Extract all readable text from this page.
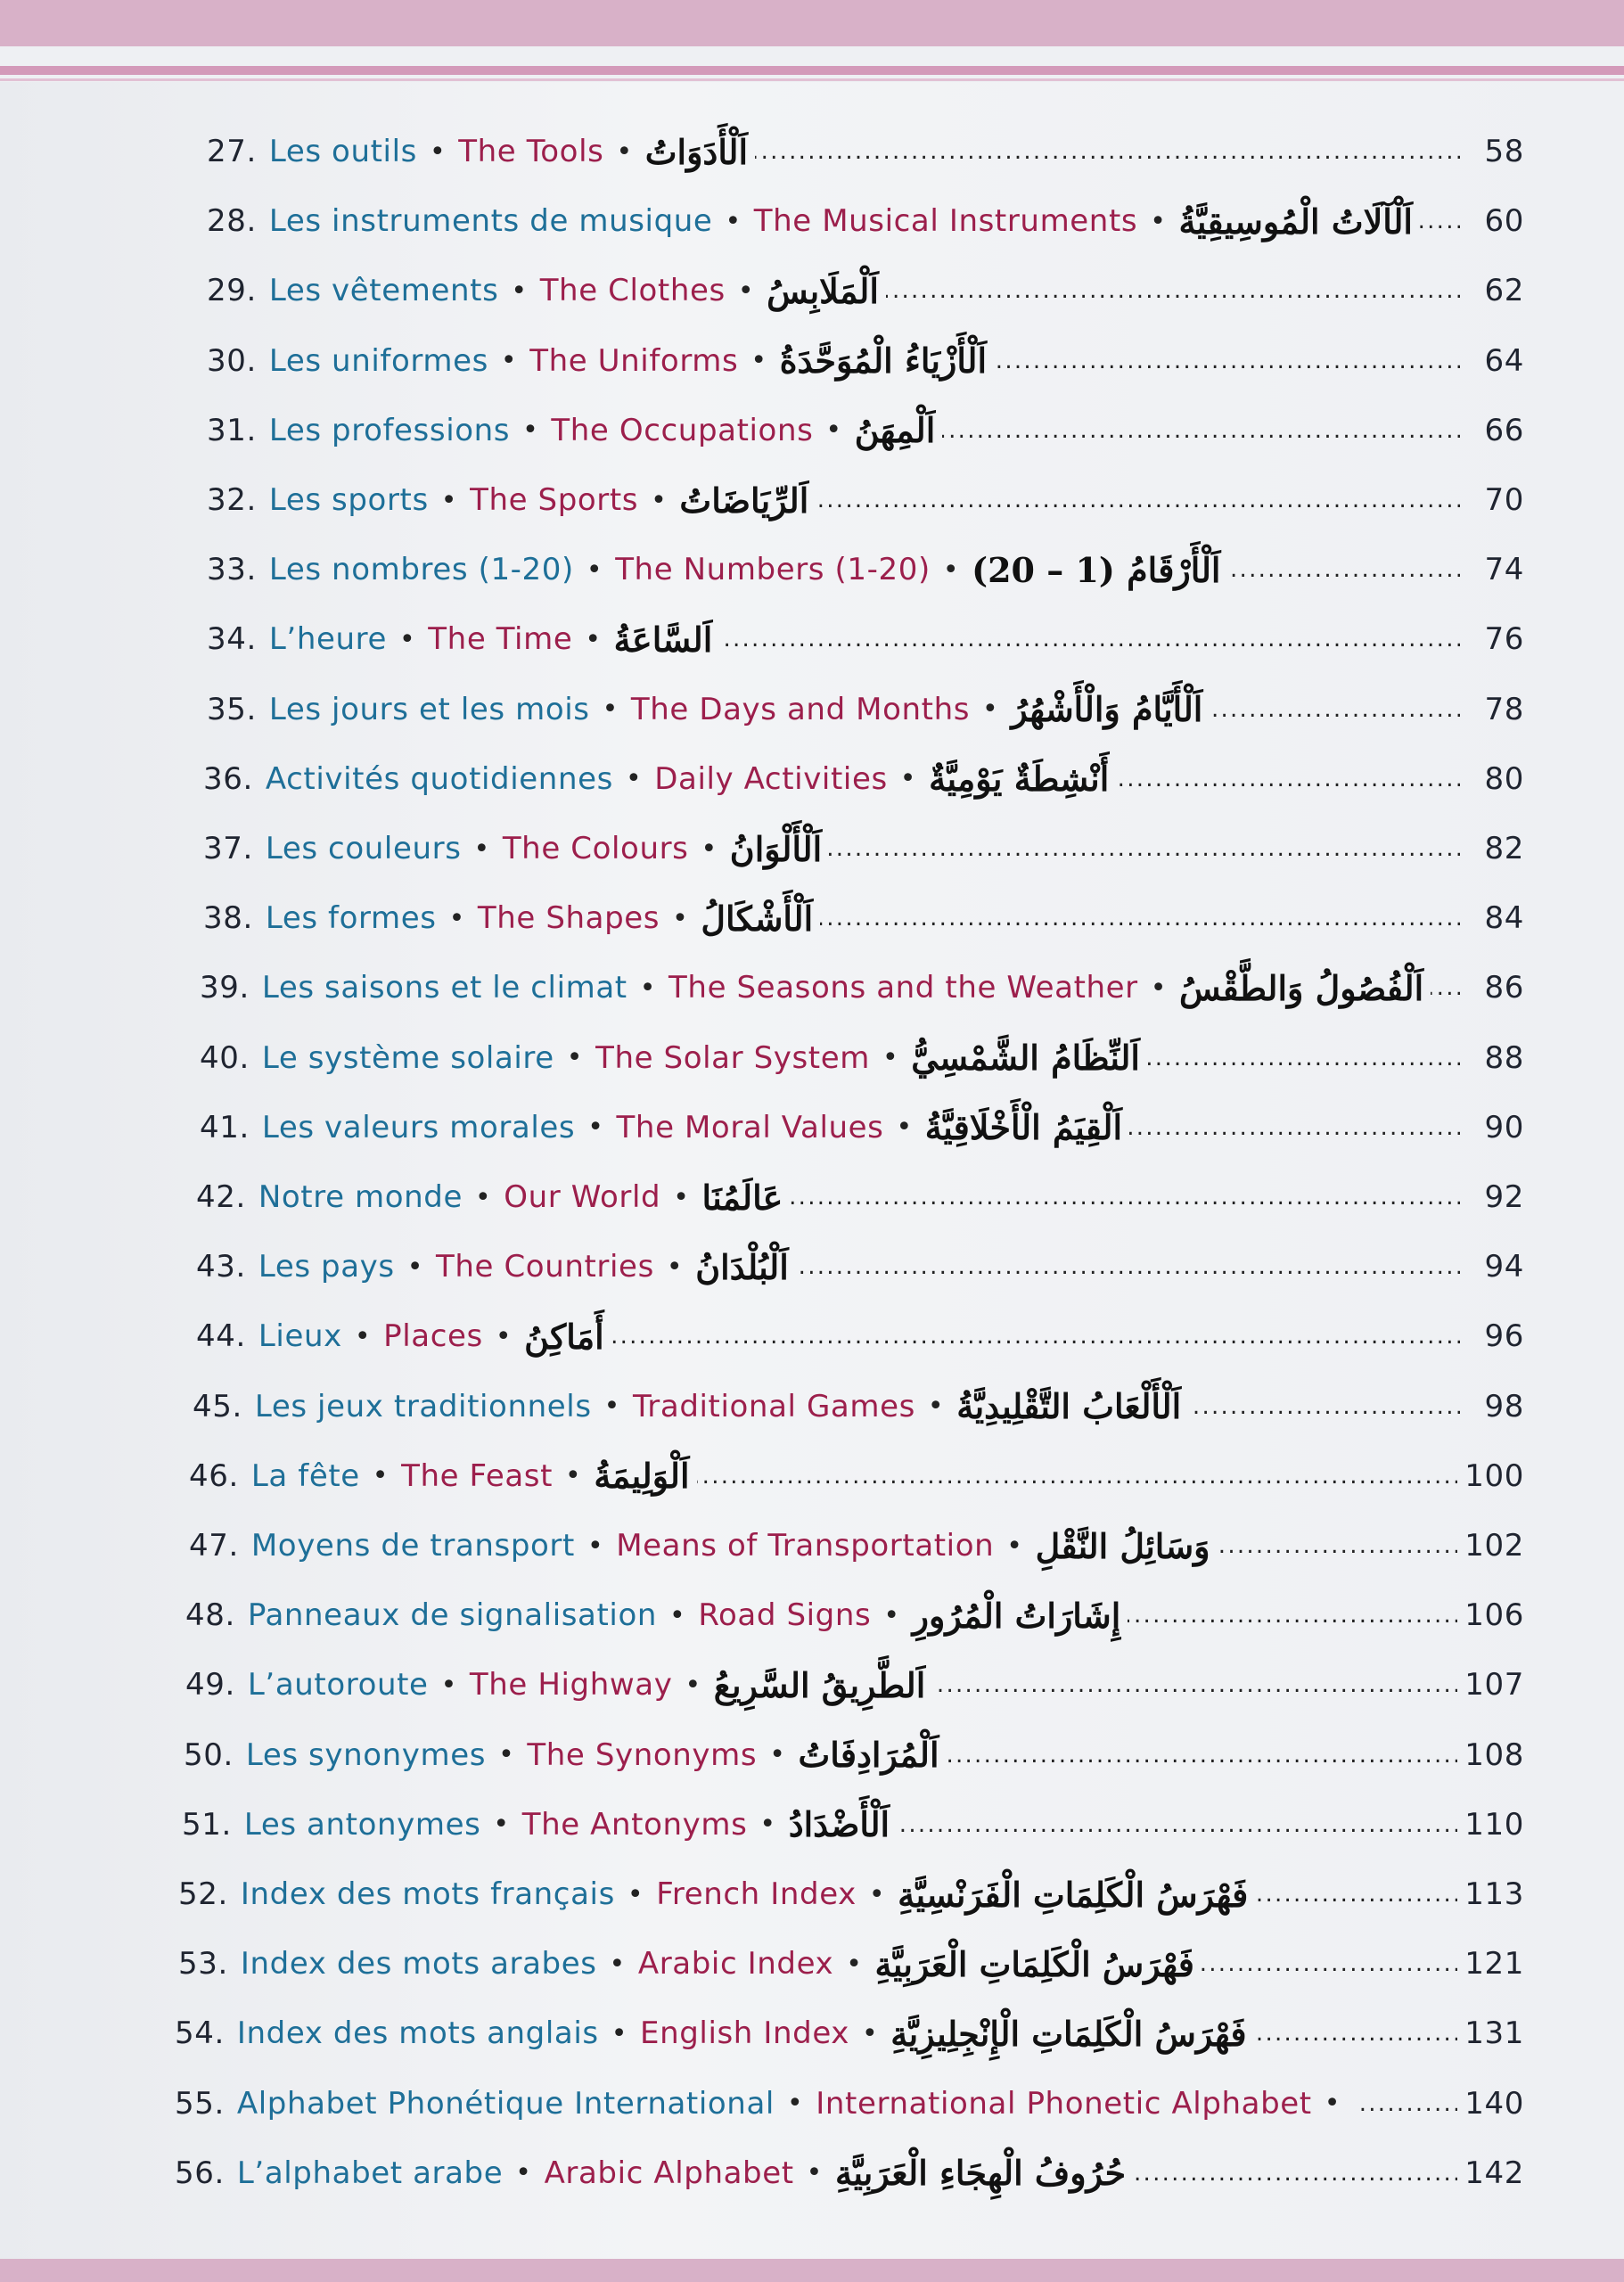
27. Les outils • The Tools • اَلْأَدَوَاتُ . . .	58
28. Les instruments de musique • The Musical Instruments • اَلْآلَاتُ الْمُوسِيقِيَّةُ . . .	60
29. Les vêtements • The Clothes • اَلْمَلَابِسُ . . .	62
30. Les uniformes • The Uniforms • اَلْأَزْيَاءُ الْمُوَحَّدَةُ . . .	64
31. Les professions • The Occupations • اَلْمِهَنُ . . .	66
32. Les sports • The Sports • اَلرِّيَاضَاتُ . . .	70
33. Les nombres (1-20) • The Numbers (1-20) • اَلْأَرْقَامُ (1 – 20) . . .	74
34. L’heure • The Time • اَلسَّاعَةُ . . .	76
35. Les jours et les mois • The Days and Months • اَلْأَيَّامُ وَالْأَشْهُرُ . . .	78
36. Activités quotidiennes • Daily Activities • أَنْشِطَةٌ يَوْمِيَّةٌ . . .	80
37. Les couleurs • The Colours • اَلْأَلْوَانُ . . .	82
38. Les formes • The Shapes • اَلْأَشْكَالُ . . .	84
39. Les saisons et le climat • The Seasons and the Weather • اَلْفُصُولُ وَالطَّقْسُ . . .	86
40. Le système solaire • The Solar System • اَلنِّظَامُ الشَّمْسِيُّ . . .	88
41. Les valeurs morales • The Moral Values • اَلْقِيَمُ الْأَخْلَاقِيَّةُ . . .	90
42. Notre monde • Our World • عَالَمُنَا . . .	92
43. Les pays • The Countries • اَلْبُلْدَانُ . . .	94
44. Lieux • Places • أَمَاكِنُ . . .	96
45. Les jeux traditionnels • Traditional Games • اَلْأَلْعَابُ التَّقْلِيدِيَّةُ . . .	98
46. La fête • The Feast • اَلْوَلِيمَةُ . . .	100
47. Moyens de transport • Means of Transportation • وَسَائِلُ النَّقْلِ . . .	102
48. Panneaux de signalisation • Road Signs • إِشَارَاتُ الْمُرُورِ . . .	106
49. L’autoroute • The Highway • اَلطَّرِيقُ السَّرِيعُ . . .	107
50. Les synonymes • The Synonyms • اَلْمُرَادِفَاتُ . . .	108
51. Les antonymes • The Antonyms • اَلْأَضْدَادُ . . .	110
52. Index des mots français • French Index • فَهْرَسُ الْكَلِمَاتِ الْفَرَنْسِيَّةِ . . .	113
53. Index des mots arabes • Arabic Index • فَهْرَسُ الْكَلِمَاتِ الْعَرَبِيَّةِ . . .	121
54. Index des mots anglais • English Index • فَهْرَسُ الْكَلِمَاتِ الْإِنْجِلِيزِيَّةِ . . .	131
55. Alphabet Phonétique International • International Phonetic Alphabet • . . .	140
56. L’alphabet arabe • Arabic Alphabet • حُرُوفُ الْهِجَاءِ الْعَرَبِيَّةِ . . .	142
